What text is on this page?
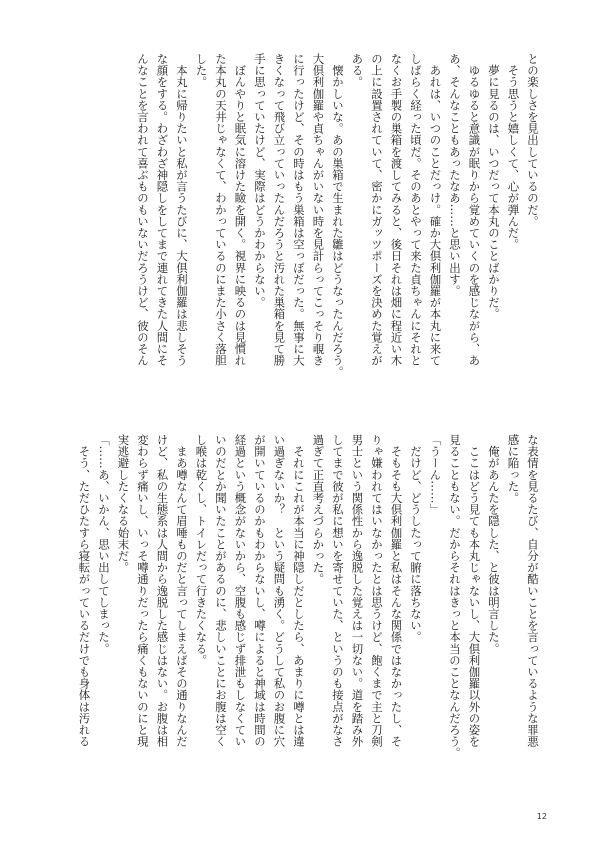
との楽しさを見出しているのだ。
　そう思うと嬉しくて、心が弾んだ。
　夢に見るのは、いつだって本丸のことばかりだ。
　ゆるゆると意識が眠りから覚めていくのを感じながら、あ
あ、そんなこともあったなあ……と思い出す。
　あれは、いつのことだっけ。確か大倶利伽羅が本丸に来て
しばらく経った頃だ。そのあとやって来た貞ちゃんにそれと
なくお手製の巣箱を渡してみると、後日それは畑に程近い木
の上に設置されていて、密かにガッツポーズを決めた覚えが
ある。
　懐かしいな。あの巣箱で生まれた雛はどうなったんだろう。
大倶利伽羅や貞ちゃんがいない時を見計らってこっそり覗き
に行ったけど、その時はもう巣箱は空っぽだった。無事に大
きくなって飛び立っていったんだろうと汚れた巣箱を見て勝
手に思っていたけど、実際はどうかわからない。
　ぼんやりと眠気に溶けた瞼を開く。視界に映るのは見慣れ
た本丸の天井じゃなくて、わかっているのにまた小さく落胆
した。
　本丸に帰りたいと私が言うたびに、大倶利伽羅は悲しそう
な顔をする。わざわざ神隠しをしてまで連れてきた人間にそ
んなことを言われて喜ぶものもいないだろうけど、彼のそん
な表情を見るたび、自分が酷いことを言っているような罪悪
感に陥った。
　俺があんたを隠した、と彼は明言した。
　ここはどう見ても本丸じゃないし、大倶利伽羅以外の姿を
見ることもない。だからそれはきっと本当のことなんだろう。
「うーん……」
　だけど、どうしたって腑に落ちない。
　そもそも大倶利伽羅と私はそんな関係ではなかったし、そ
りゃ嫌われてはいなかったとは思うけど、飽くまで主と刀剣
男士という関係性から逸脱した覚えは一切ない。道を踏み外
してまで彼が私に想いを寄せていた、というのも接点がなさ
過ぎて正直考えづらかった。
　それにこれが本当に神隠しだとしたら、あまりに噂とは違
い過ぎないか？　という疑問も湧く。どうして私のお腹に穴
が開いているのかもわからないし、噂によると神域は時間の
経過という概念がないから、空腹も感じず排泄もしなくてい
いのだとか聞いたことがあるのに、悲しいことにお腹は空く
し喉は乾くし、トイレだって行きたくなる。
　まあ噂なんて眉唾ものだと言ってしまえばその通りなんだ
けど、私の生態系は人間から逸脱した感じはない。お腹は相
変わらず痛いし、いっそ噂通りだったら痛くもないのにと現
実逃避したくなる始末だ。
「……あ、いかん、思い出してしまった。
　そう、ただひたすら寝転がっているだけでも身体は汚れる
12
